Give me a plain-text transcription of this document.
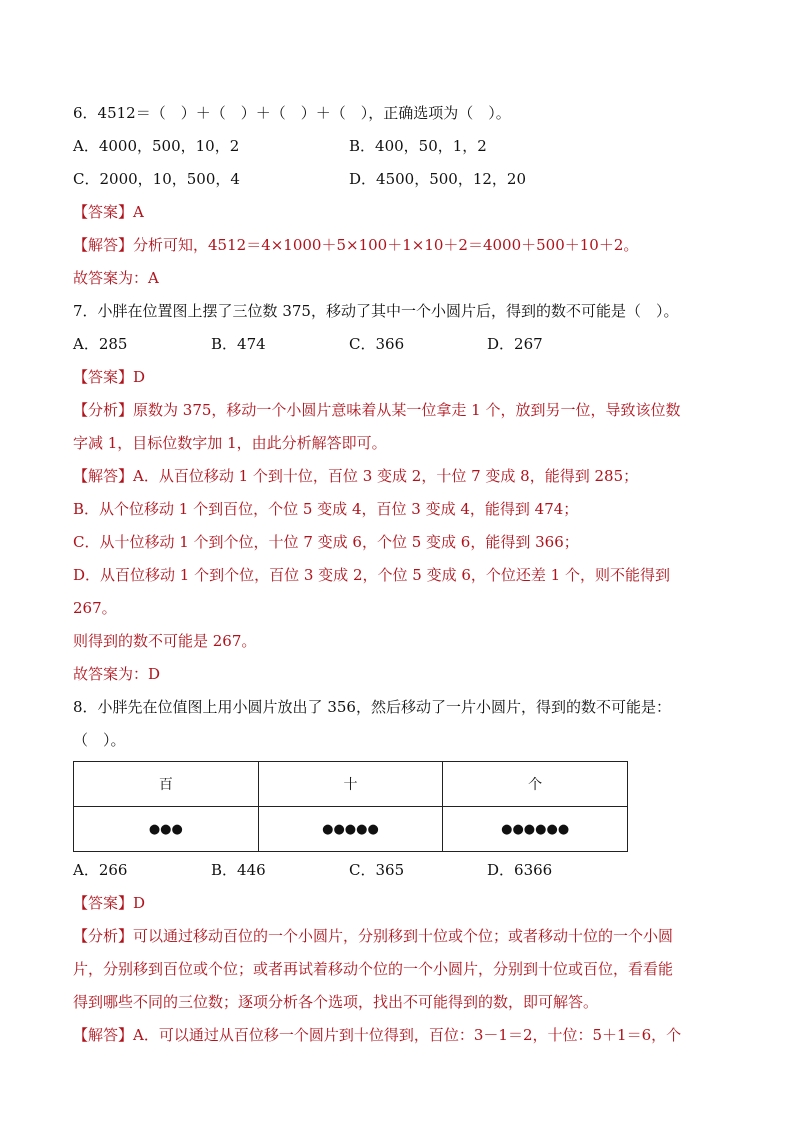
6．4512＝（　）＋（　）＋（　）＋（　），正确选项为（　）。
A．4000，500，10，2	B．400，50，1，2
C．2000，10，500，4	D．4500，500，12，20
【答案】A
【解答】分析可知，4512＝4×1000＋5×100＋1×10＋2＝4000＋500＋10＋2。
故答案为：A
7．小胖在位置图上摆了三位数 375，移动了其中一个小圆片后，得到的数不可能是（　）。
A．285	B．474	C．366	D．267
【答案】D
【分析】原数为 375，移动一个小圆片意味着从某一位拿走 1 个，放到另一位，导致该位数
字减 1，目标位数字加 1，由此分析解答即可。
【解答】A．从百位移动 1 个到十位，百位 3 变成 2，十位 7 变成 8，能得到 285；
B．从个位移动 1 个到百位，个位 5 变成 4，百位 3 变成 4，能得到 474；
C．从十位移动 1 个到个位，十位 7 变成 6，个位 5 变成 6，能得到 366；
D．从百位移动 1 个到个位，百位 3 变成 2，个位 5 变成 6，个位还差 1 个，则不能得到
267。
则得到的数不可能是 267。
故答案为：D
8．小胖先在位值图上用小圆片放出了 356，然后移动了一片小圆片，得到的数不可能是：
（　）。
百	十	个
●●●	●●●●●	●●●●●●
A．266	B．446	C．365	D．6366
【答案】D
【分析】可以通过移动百位的一个小圆片，分别移到十位或个位；或者移动十位的一个小圆
片，分别移到百位或个位；或者再试着移动个位的一个小圆片，分别到十位或百位，看看能
得到哪些不同的三位数；逐项分析各个选项，找出不可能得到的数，即可解答。
【解答】A．可以通过从百位移一个圆片到十位得到，百位：3－1＝2，十位：5＋1＝6，个
